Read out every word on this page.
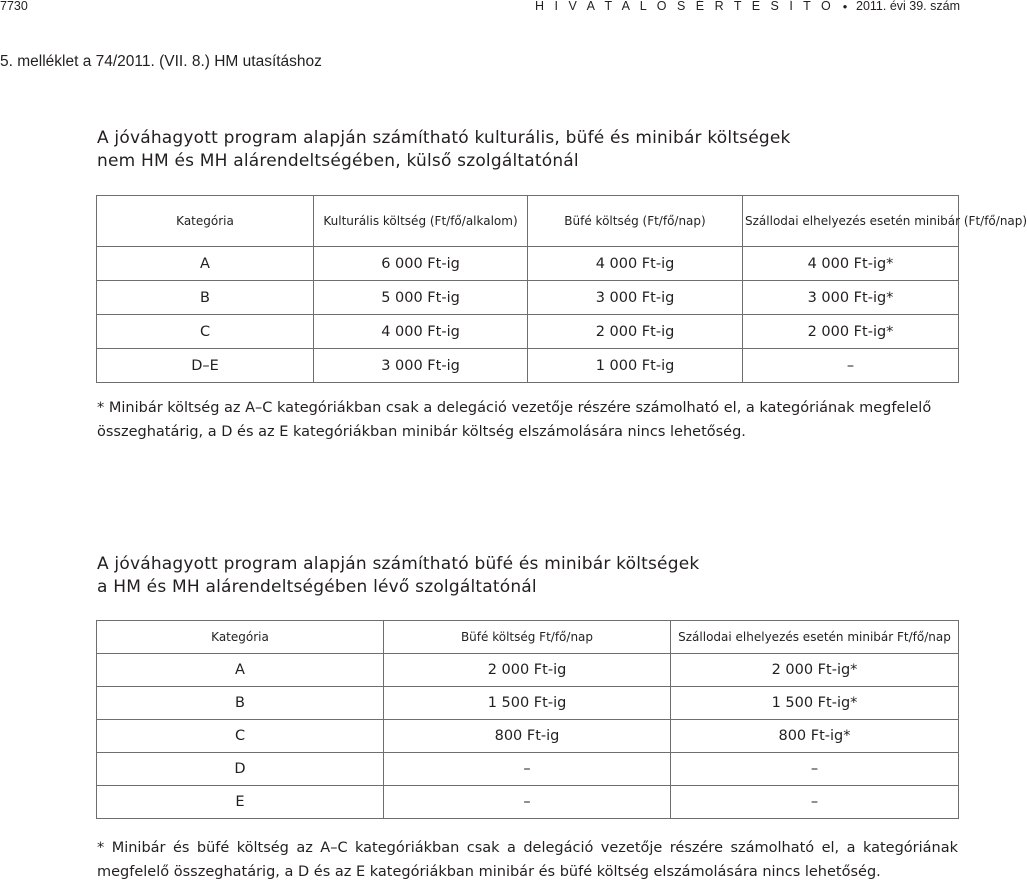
7730	H I V A T A L O S É R T E S Í T Ő ● 2011. évi 39. szám
5. melléklet a 74/2011. (VII. 8.) HM utasításhoz
A jóváhagyott program alapján számítható kulturális, büfé és minibár költségek
nem HM és MH alárendeltségében, külső szolgáltatónál
Kategória	Kulturális költség (Ft/fő/alkalom)	Büfé költség (Ft/fő/nap)	Szállodai elhelyezés esetén minibár (Ft/fő/nap)
A	6 000 Ft-ig	4 000 Ft-ig	4 000 Ft-ig*
B	5 000 Ft-ig	3 000 Ft-ig	3 000 Ft-ig*
C	4 000 Ft-ig	2 000 Ft-ig	2 000 Ft-ig*
D–E	3 000 Ft-ig	1 000 Ft-ig	–
* Minibár költség az A–C kategóriákban csak a delegáció vezetője részére számolható el, a kategóriának megfelelő összeghatárig, a D és az E kategóriákban minibár költség elszámolására nincs lehetőség.
A jóváhagyott program alapján számítható büfé és minibár költségek
a HM és MH alárendeltségében lévő szolgáltatónál
Kategória	Büfé költség Ft/fő/nap	Szállodai elhelyezés esetén minibár Ft/fő/nap
A	2 000 Ft-ig	2 000 Ft-ig*
B	1 500 Ft-ig	1 500 Ft-ig*
C	800 Ft-ig	800 Ft-ig*
D	–	–
E	–	–
* Minibár és büfé költség az A–C kategóriákban csak a delegáció vezetője részére számolható el, a kategóriának megfelelő összeghatárig, a D és az E kategóriákban minibár és büfé költség elszámolására nincs lehetőség.
